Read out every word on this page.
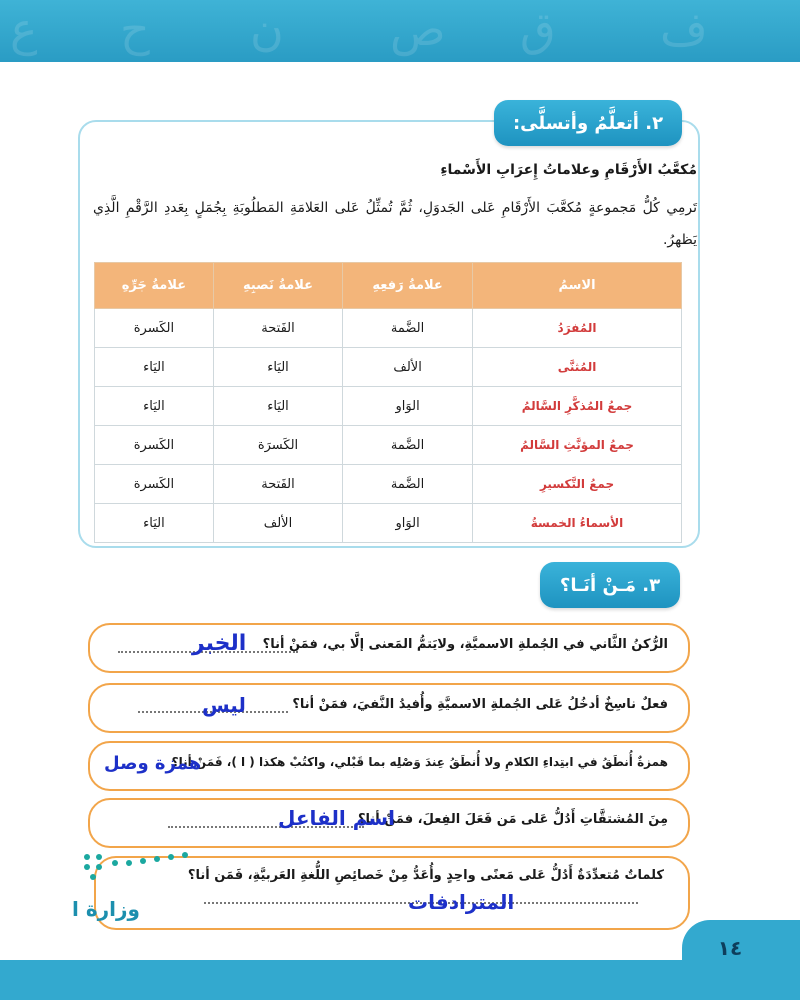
ع ح ن ص ق ف
٢. أتعلَّمُ وأتسلَّى:
مُكعَّبُ الأَرْقَامِ وعلاماتُ إِعرَابِ الأَسْماءِ
تَرمِي كُلُّ مَجموعةٍ مُكعَّبَ الأَرْقَامِ عَلى الجَدوَلِ، ثُمَّ تُمثِّلُ عَلى العَلامَةِ المَطلُوبَةِ بِجُمَلٍ بِعَددِ الرَّقْمِ الَّذِي يَظهرُ.
الاسمُ	علامةُ رَفعِهِ	علامةُ نَصبِهِ	علامةُ جَرِّهِ
المُفرَدُ	الضَّمة	الفَتحة	الكَسرة
المُثنَّى	الألف	اليَاء	اليَاء
جمعُ المُذكَّرِ السَّالمُ	الوَاو	اليَاء	اليَاء
جمعُ المؤنَّثِ السَّالمُ	الضَّمة	الكَسرَة	الكَسرة
جمعُ التَّكسيرِ	الضَّمة	الفَتحة	الكَسرة
الأسماءُ الخمسةُ	الوَاو	الألف	اليَاء
٣. مَـنْ أنَـا؟
الرُّكنُ الثَّاني في الجُملةِ الاسميَّةِ، ولايَتمُّ المَعنى إلَّا بي، فمَنْ أنا؟
الخبر
فعلٌ ناسِخٌ أدخُلُ عَلى الجُملةِ الاسميَّةِ وأُفيدُ النَّفيَ، فمَنْ أنا؟
ليس
همزةٌ أُنطَقُ في ابتِداءِ الكلامِ ولا أُنطَقُ عِندَ وَصْلِه بما قَبْلي، واكتُبْ هكذا ( ا )، فَمَنْ أنا؟
همزة وصل
مِنَ المُشتقَّاتِ أَدُلُّ عَلى مَن فَعَلَ الفِعلَ، فمَنْ أنا؟
اسم الفاعل
كلماتٌ مُتعدِّدَةٌ أَدُلُّ عَلى مَعنًى واحِدٍ وأُعَدُّ مِنْ خَصائِصِ اللُّغةِ العَربيَّةِ، فَمَن أنا؟
المترادفات
وزارة ا
١٤
